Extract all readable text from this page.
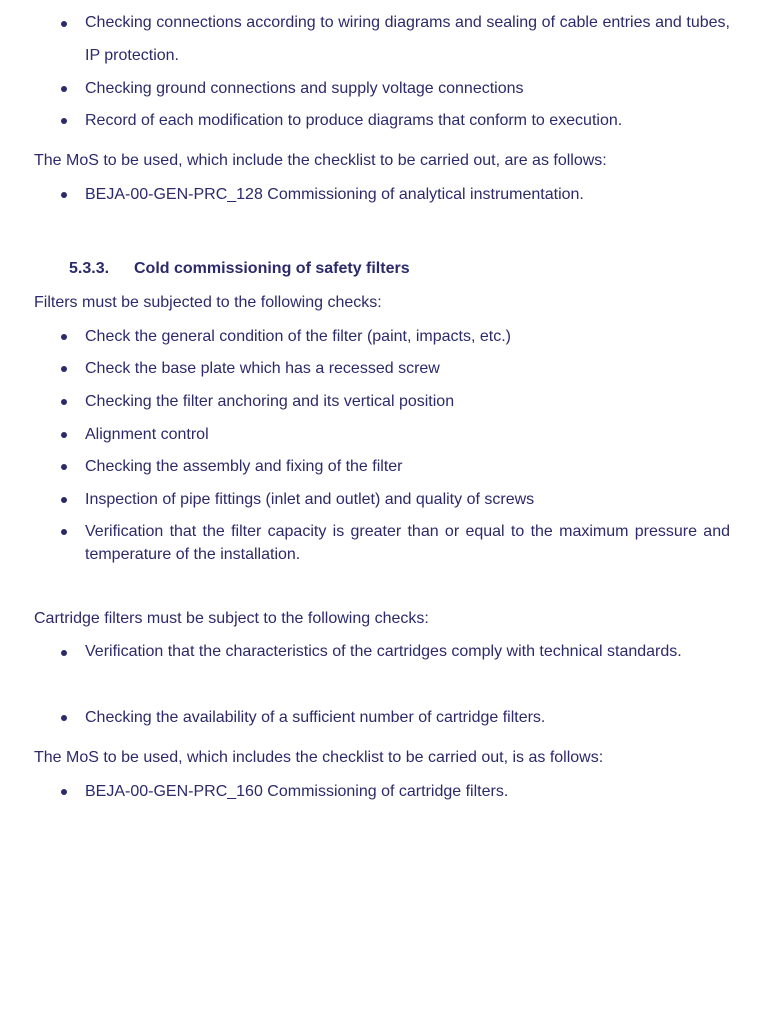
Checking connections according to wiring diagrams and sealing of cable entries and tubes, IP protection.
Checking ground connections and supply voltage connections
Record of each modification to produce diagrams that conform to execution.
The MoS to be used, which include the checklist to be carried out, are as follows:
BEJA-00-GEN-PRC_128 Commissioning of analytical instrumentation.
5.3.3. Cold commissioning of safety filters
Filters must be subjected to the following checks:
Check the general condition of the filter (paint, impacts, etc.)
Check the base plate which has a recessed screw
Checking the filter anchoring and its vertical position
Alignment control
Checking the assembly and fixing of the filter
Inspection of pipe fittings (inlet and outlet) and quality of screws
Verification that the filter capacity is greater than or equal to the maximum pressure and temperature of the installation.
Cartridge filters must be subject to the following checks:
Verification that the characteristics of the cartridges comply with technical standards.
Checking the availability of a sufficient number of cartridge filters.
The MoS to be used, which includes the checklist to be carried out, is as follows:
BEJA-00-GEN-PRC_160 Commissioning of cartridge filters.
